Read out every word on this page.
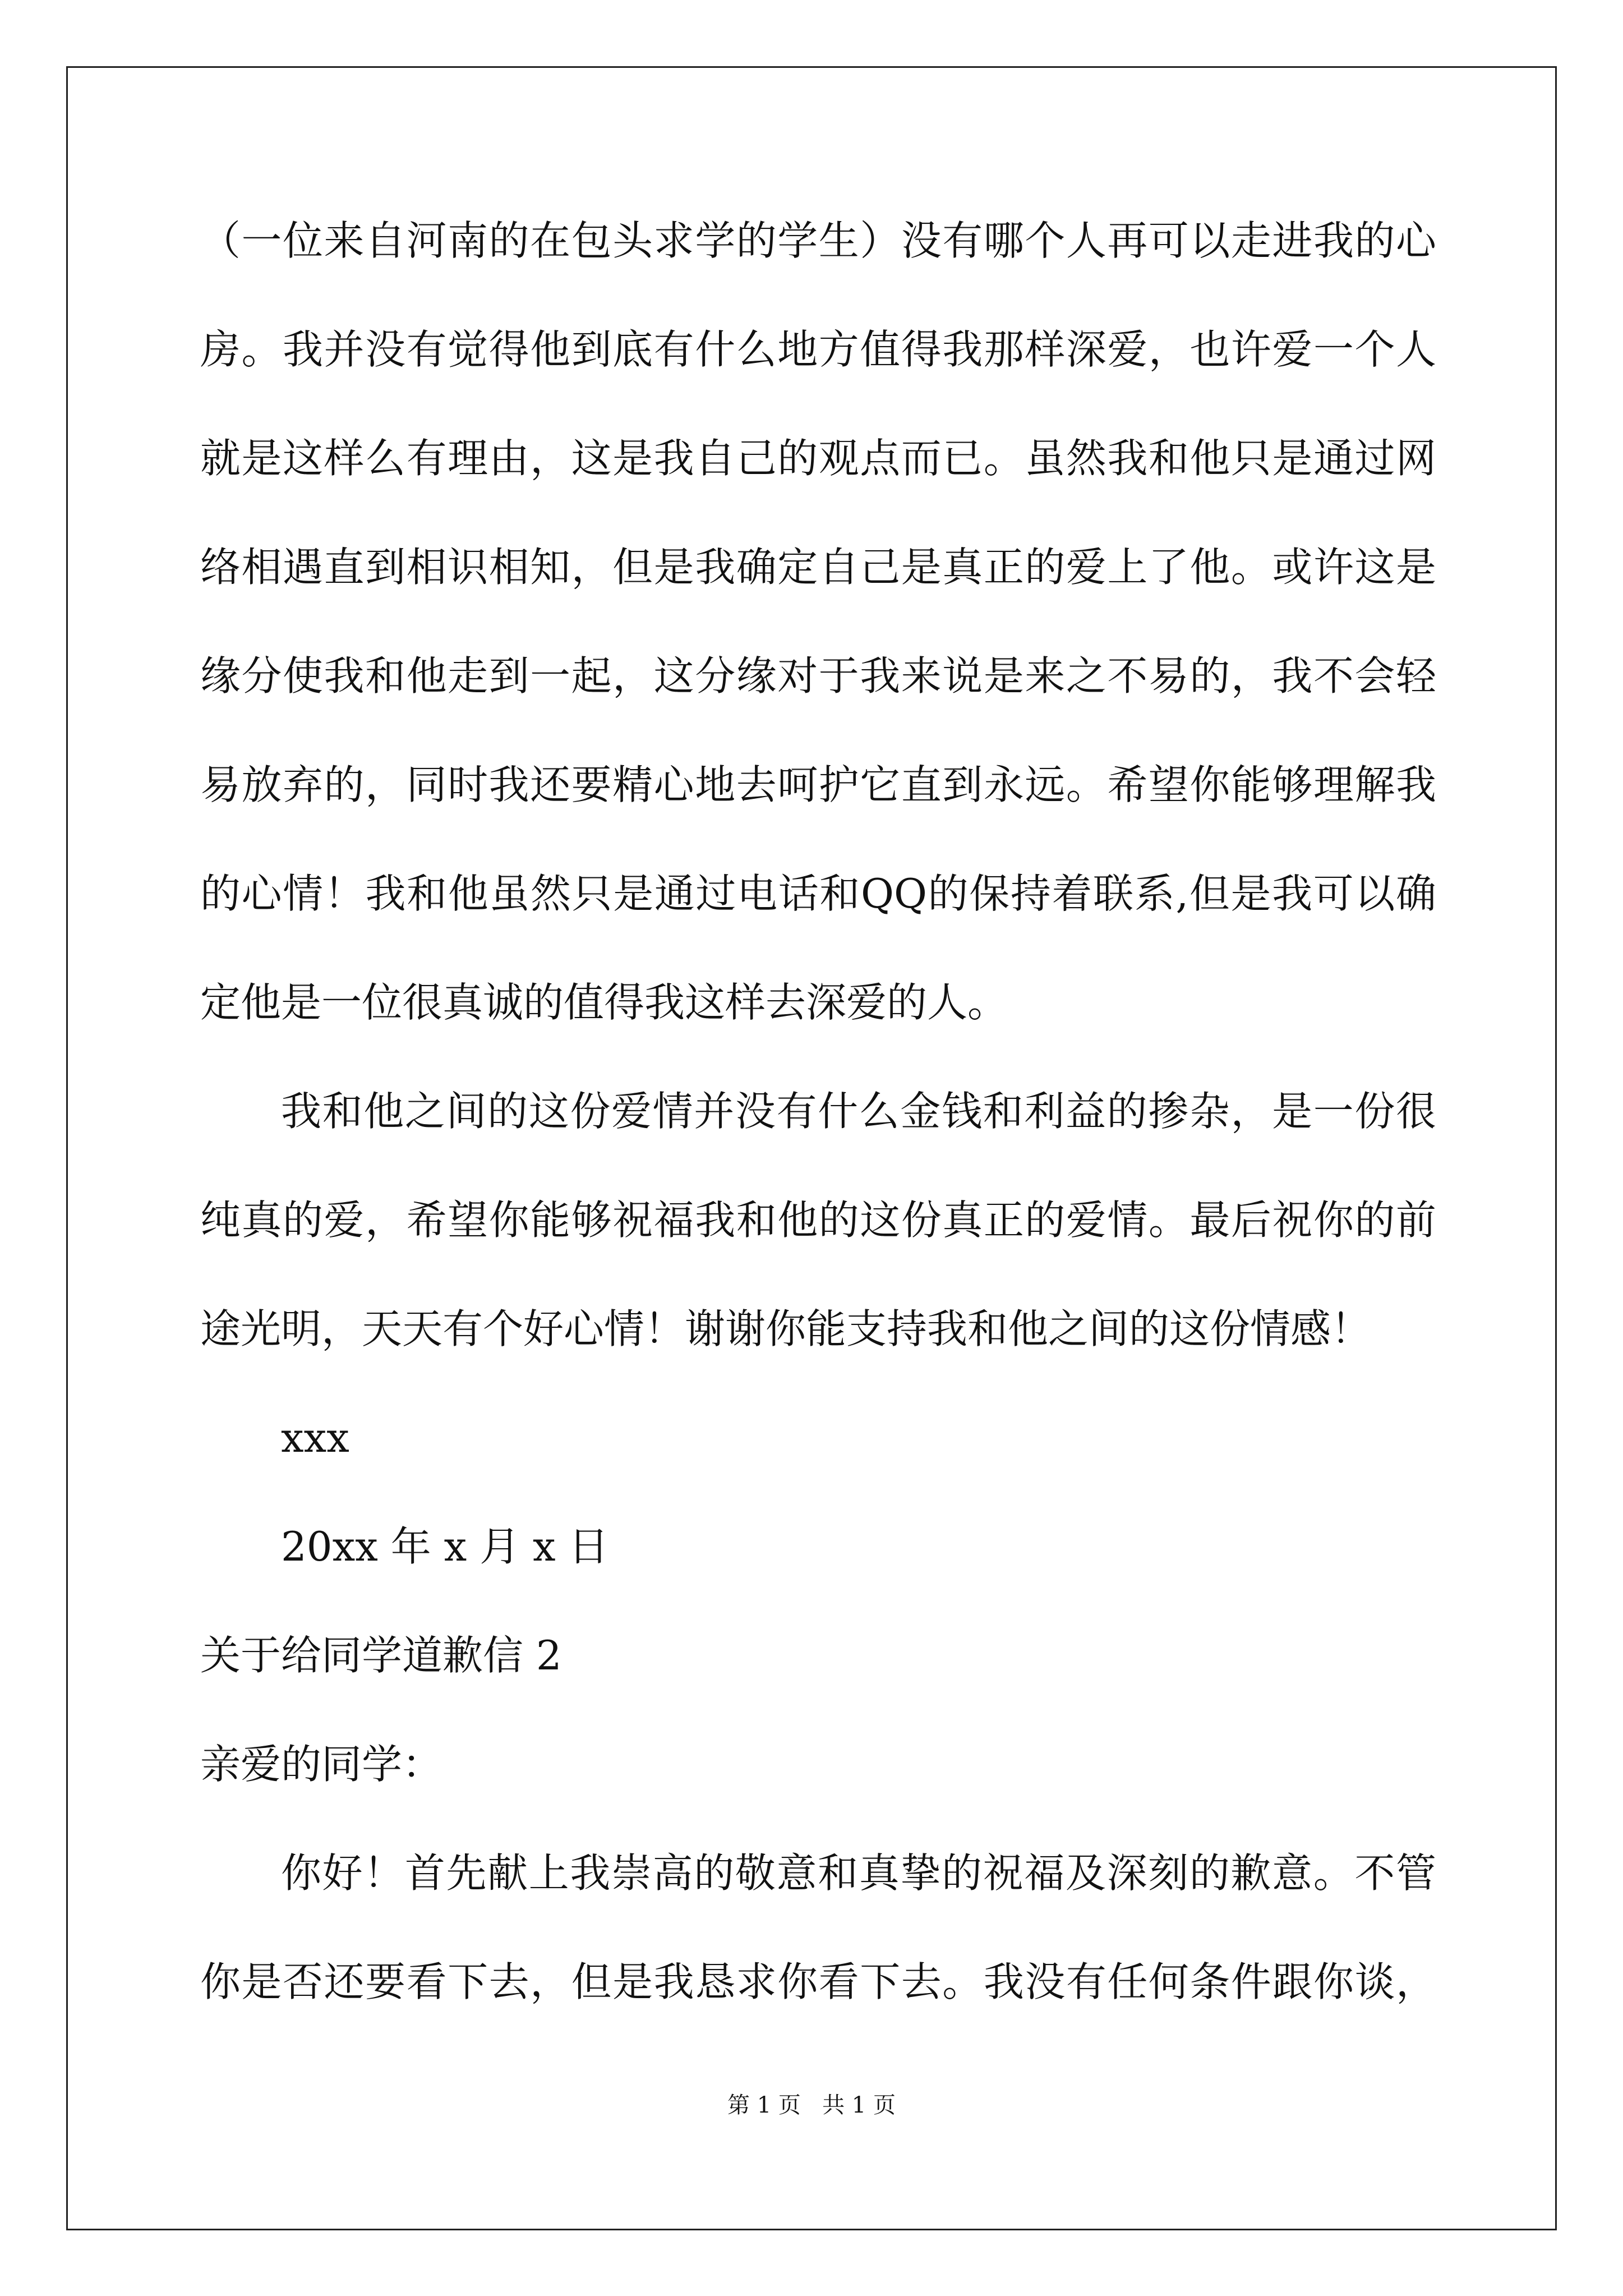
（一位来自河南的在包头求学的学生）没有哪个人再可以走进我的心
房。我并没有觉得他到底有什么地方值得我那样深爱，也许爱一个人
就是这样么有理由，这是我自己的观点而已。虽然我和他只是通过网
络相遇直到相识相知，但是我确定自己是真正的爱上了他。或许这是
缘分使我和他走到一起，这分缘对于我来说是来之不易的，我不会轻
易放弃的，同时我还要精心地去呵护它直到永远。希望你能够理解我
的心情！我和他虽然只是通过电话和QQ的保持着联系,但是我可以确
定他是一位很真诚的值得我这样去深爱的人。
我和他之间的这份爱情并没有什么金钱和利益的掺杂，是一份很
纯真的爱，希望你能够祝福我和他的这份真正的爱情。最后祝你的前
途光明，天天有个好心情！谢谢你能支持我和他之间的这份情感！
xxx
20xx 年 x 月 x 日
关于给同学道歉信 2
亲爱的同学：
你好！首先献上我崇高的敬意和真挚的祝福及深刻的歉意。不管
你是否还要看下去，但是我恳求你看下去。我没有任何条件跟你谈，
第 1 页   共 1 页
